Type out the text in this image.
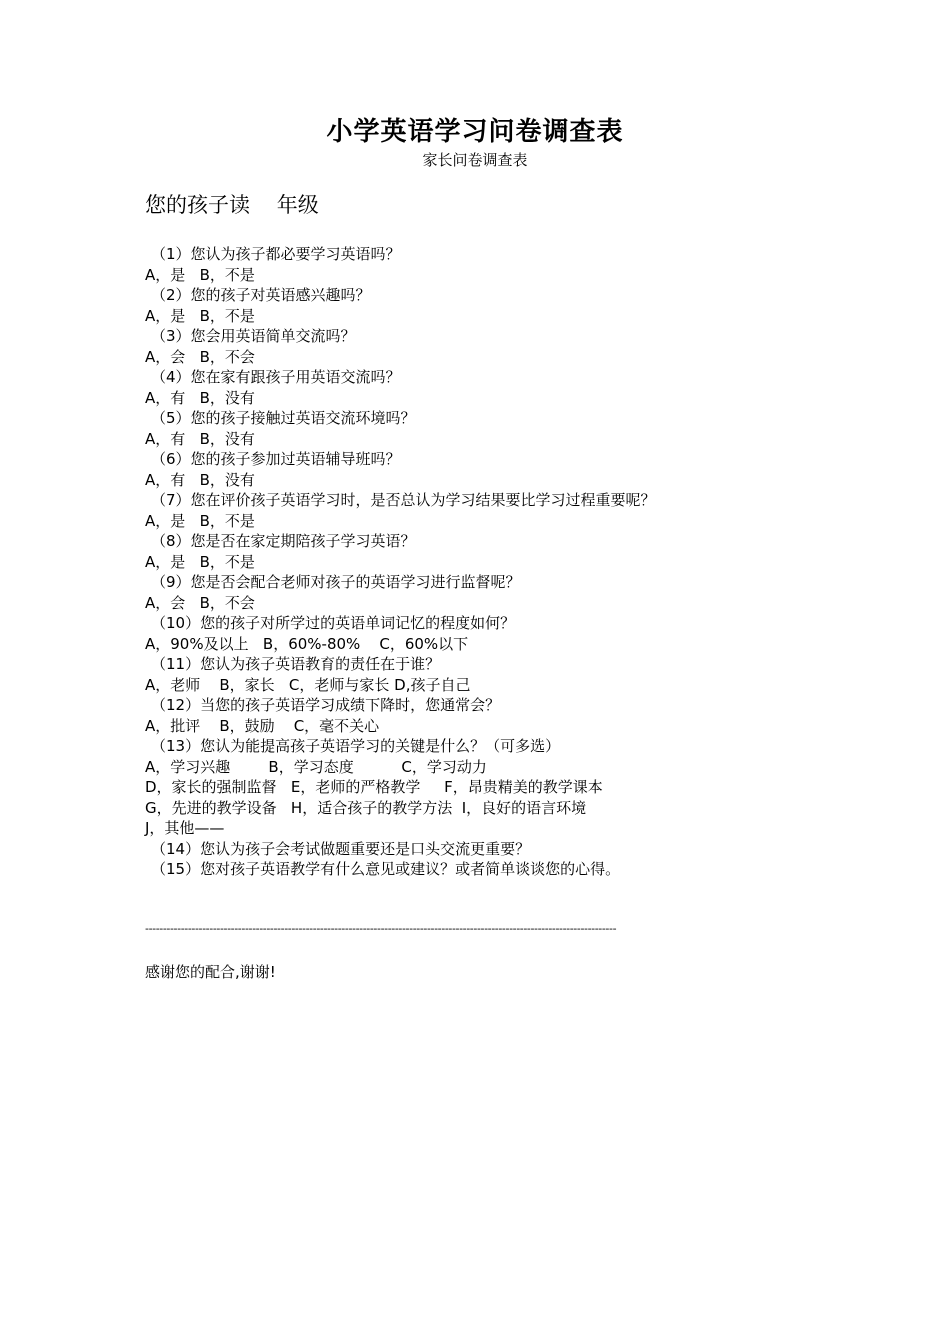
小学英语学习问卷调查表
家长问卷调查表
您的孩子读    年级
（1）您认为孩子都必要学习英语吗？
A，是   B，不是
（2）您的孩子对英语感兴趣吗？
A，是   B，不是
（3）您会用英语简单交流吗？
A，会   B，不会
（4）您在家有跟孩子用英语交流吗？
A，有   B，没有
（5）您的孩子接触过英语交流环境吗？
A，有   B，没有
（6）您的孩子参加过英语辅导班吗？
A，有   B，没有
（7）您在评价孩子英语学习时，是否总认为学习结果要比学习过程重要呢？
A，是   B，不是
（8）您是否在家定期陪孩子学习英语？
A，是   B，不是
（9）您是否会配合老师对孩子的英语学习进行监督呢？
A，会   B，不会
（10）您的孩子对所学过的英语单词记忆的程度如何？
A，90%及以上   B，60%-80%    C，60%以下
（11）您认为孩子英语教育的责任在于谁？
A，老师    B，家长   C，老师与家长 D,孩子自己
（12）当您的孩子英语学习成绩下降时，您通常会？
A，批评    B，鼓励    C，毫不关心
（13）您认为能提高孩子英语学习的关键是什么？（可多选）
A，学习兴趣        B，学习态度          C，学习动力
D，家长的强制监督   E，老师的严格教学     F，昂贵精美的教学课本
G，先进的教学设备   H，适合孩子的教学方法  I，良好的语言环境
J，其他——
（14）您认为孩子会考试做题重要还是口头交流更重要？
（15）您对孩子英语教学有什么意见或建议？或者简单谈谈您的心得。
------------------------------------------------------------------------------------------------------------------------------------
感谢您的配合,谢谢!
